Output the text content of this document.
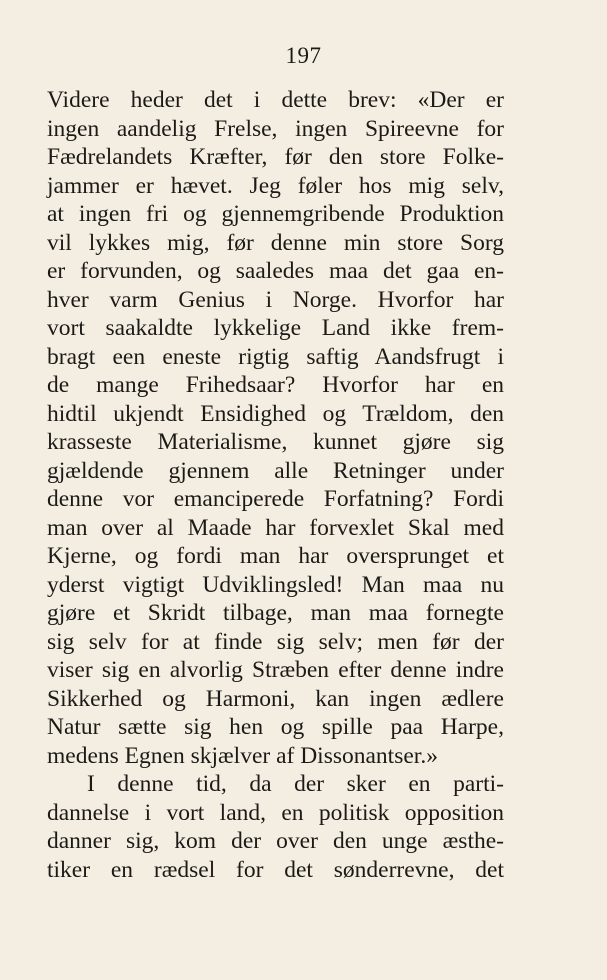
197
Videre heder det i dette brev: «Der er
ingen aandelig Frelse, ingen Spireevne for
Fædrelandets Kræfter, før den store Folke-
jammer er hævet. Jeg føler hos mig selv,
at ingen fri og gjennemgribende Produktion
vil lykkes mig, før denne min store Sorg
er forvunden, og saaledes maa det gaa en-
hver varm Genius i Norge. Hvorfor har
vort saakaldte lykkelige Land ikke frem-
bragt een eneste rigtig saftig Aandsfrugt i
de mange Frihedsaar? Hvorfor har en
hidtil ukjendt Ensidighed og Trældom, den
krasseste Materialisme, kunnet gjøre sig
gjældende gjennem alle Retninger under
denne vor emanciperede Forfatning? Fordi
man over al Maade har forvexlet Skal med
Kjerne, og fordi man har oversprunget et
yderst vigtigt Udviklingsled! Man maa nu
gjøre et Skridt tilbage, man maa fornegte
sig selv for at finde sig selv; men før der
viser sig en alvorlig Stræben efter denne indre
Sikkerhed og Harmoni, kan ingen ædlere
Natur sætte sig hen og spille paa Harpe,
medens Egnen skjælver af Dissonantser.»
I denne tid, da der sker en parti-
dannelse i vort land, en politisk opposition
danner sig, kom der over den unge æsthe-
tiker en rædsel for det sønderrevne, det
